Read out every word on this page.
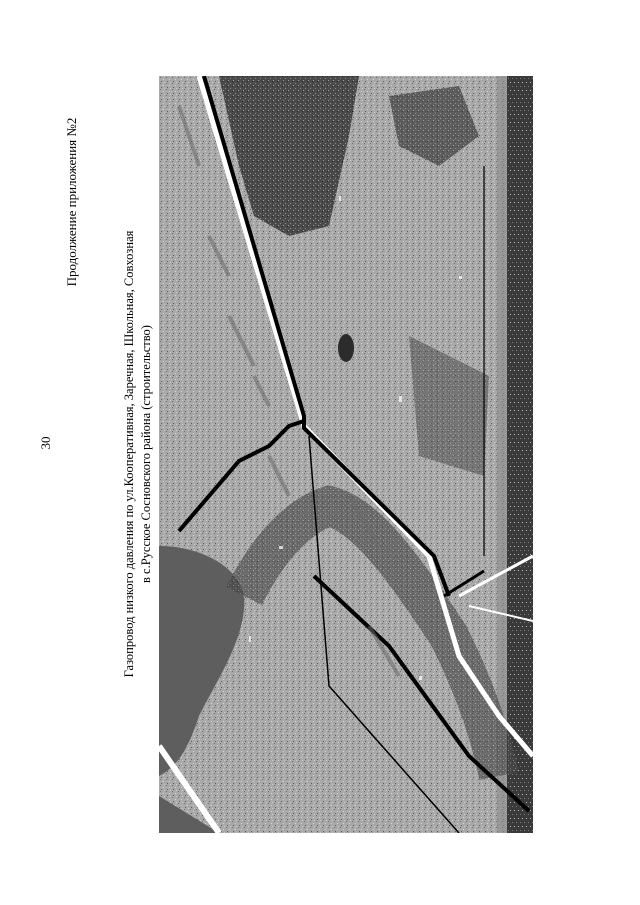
30
Продолжение приложения №2
Газопровод низкого давления по ул.Кооперативная, Заречная, Школьная, Совхозная в с.Русское Сосновского района (строительство)
